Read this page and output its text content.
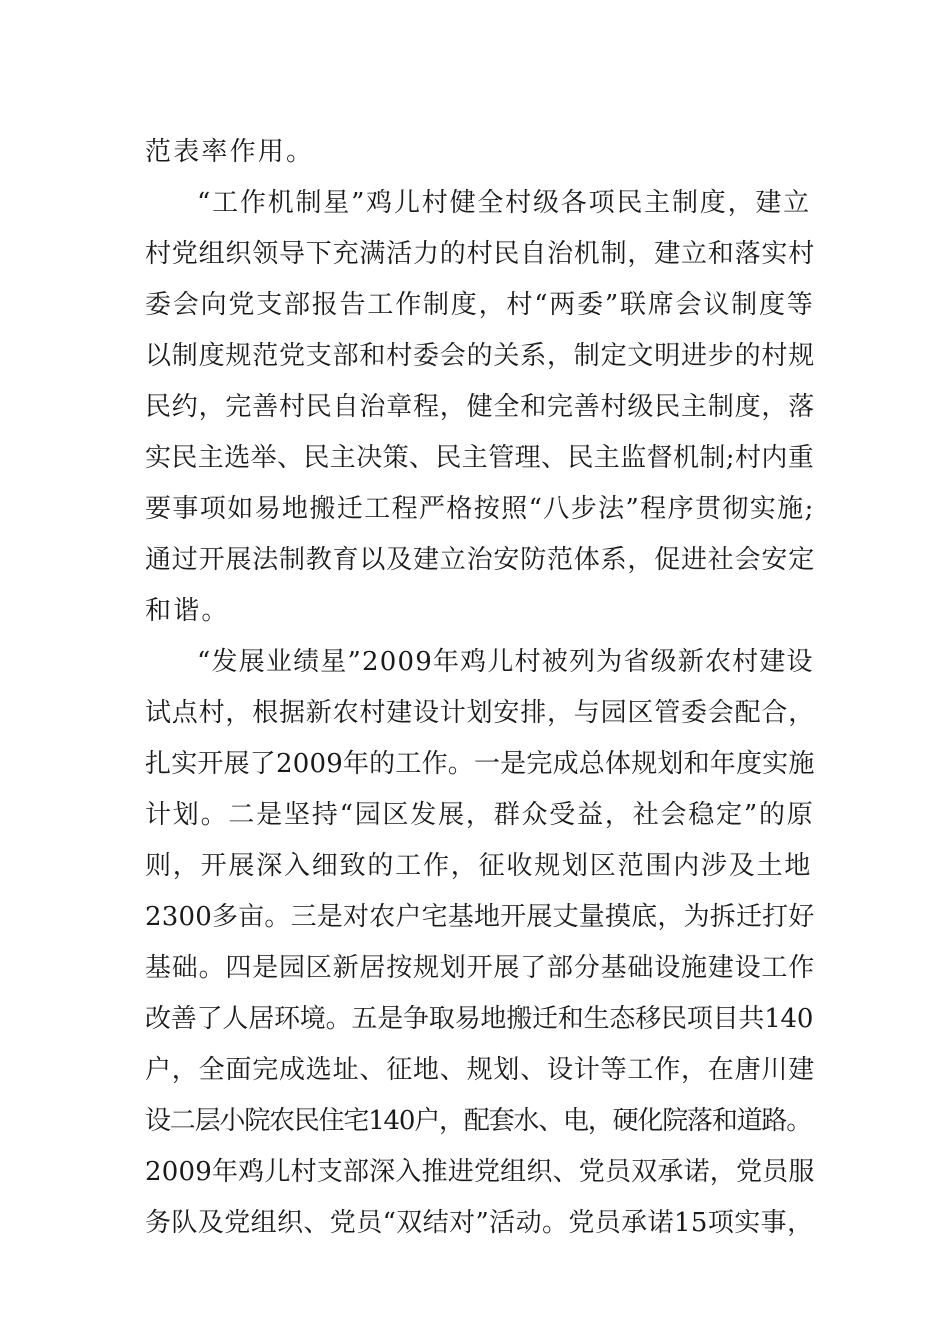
范表率作用。
“工作机制星”鸡儿村健全村级各项民主制度，建立
村党组织领导下充满活力的村民自治机制，建立和落实村
委会向党支部报告工作制度，村“两委”联席会议制度等
以制度规范党支部和村委会的关系，制定文明进步的村规
民约，完善村民自治章程，健全和完善村级民主制度，落
实民主选举、民主决策、民主管理、民主监督机制;村内重
要事项如易地搬迁工程严格按照“八步法”程序贯彻实施;
通过开展法制教育以及建立治安防范体系，促进社会安定
和谐。
“发展业绩星”2009年鸡儿村被列为省级新农村建设
试点村，根据新农村建设计划安排，与园区管委会配合，
扎实开展了2009年的工作。一是完成总体规划和年度实施
计划。二是坚持“园区发展，群众受益，社会稳定”的原
则，开展深入细致的工作，征收规划区范围内涉及土地
2300多亩。三是对农户宅基地开展丈量摸底，为拆迁打好
基础。四是园区新居按规划开展了部分基础设施建设工作
改善了人居环境。五是争取易地搬迁和生态移民项目共140
户，全面完成选址、征地、规划、设计等工作，在唐川建
设二层小院农民住宅140户，配套水、电，硬化院落和道路。
2009年鸡儿村支部深入推进党组织、党员双承诺，党员服
务队及党组织、党员“双结对”活动。党员承诺15项实事，
